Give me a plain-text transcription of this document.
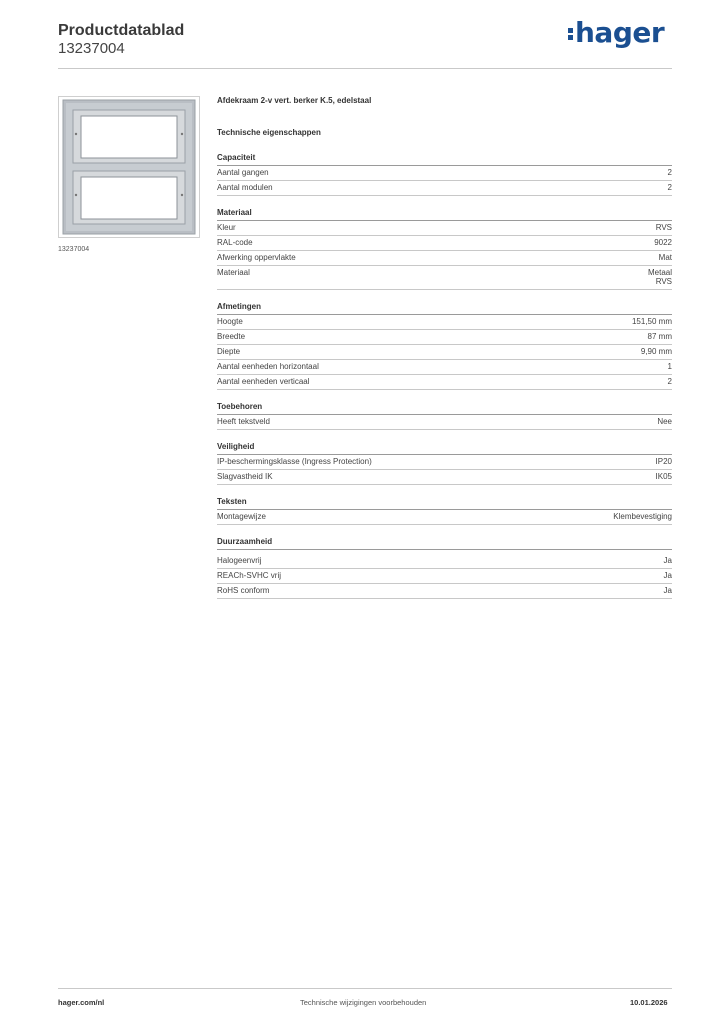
Productdatablad
13237004	hager
13237004
Afdekraam 2-v vert. berker K.5, edelstaal
Technische eigenschappen
Capaciteit
Aantal gangen	2
Aantal modulen	2
Materiaal
Kleur	RVS
RAL-code	9022
Afwerking oppervlakte	Mat
Materiaal	Metaal
RVS
Afmetingen
Hoogte	151,50 mm
Breedte	87 mm
Diepte	9,90 mm
Aantal eenheden horizontaal	1
Aantal eenheden verticaal	2
Toebehoren
Heeft tekstveld	Nee
Veiligheid
IP-beschermingsklasse (Ingress Protection)	IP20
Slagvastheid IK	IK05
Teksten
Montagewijze	Klembevestiging
Duurzaamheid
Halogeenvrij	Ja
REACh-SVHC vrij	Ja
RoHS conform	Ja
hager.com/nl	Technische wijzigingen voorbehouden	10.01.2026
